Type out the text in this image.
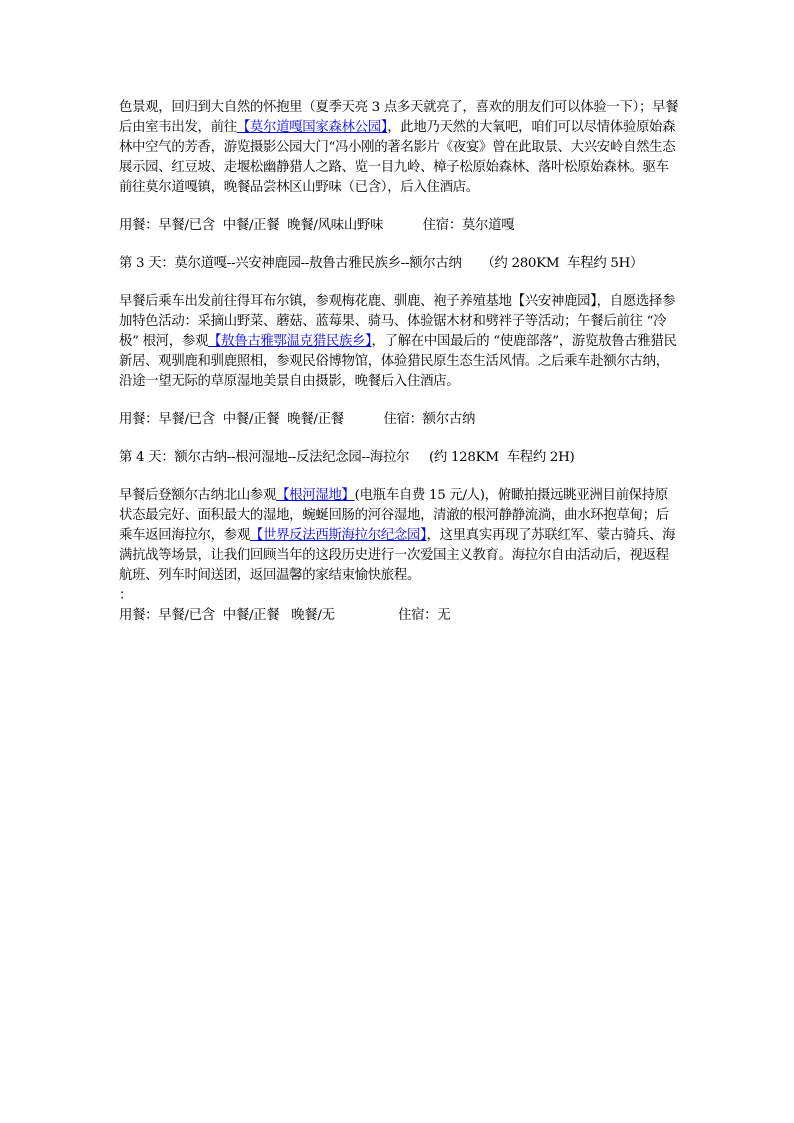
色景观，回归到大自然的怀抱里（夏季天亮 3 点多天就亮了，喜欢的朋友们可以体验一下）；早餐后由室韦出发，前往【莫尔道嘎国家森林公园】，此地乃天然的大氧吧，咱们可以尽情体验原始森林中空气的芳香，游览摄影公园大门“冯小刚的著名影片《夜宴》曾在此取景、大兴安岭自然生态展示园、红豆坡、走堰松幽静猎人之路、览一目九岭、樟子松原始森林、落叶松原始森林。驱车前往莫尔道嘎镇，晚餐品尝林区山野味（已含），后入住酒店。

用餐：早餐/已含  中餐/正餐  晚餐/风味山野味	住宿：莫尔道嘎
第 3 天：莫尔道嘎--兴安神鹿园--敖鲁古雅民族乡--额尔古纳     （约 280KM  车程约 5H）

早餐后乘车出发前往得耳布尔镇，参观梅花鹿、驯鹿、袍子养殖基地【兴安神鹿园】，自愿选择参加特色活动：采摘山野菜、蘑菇、蓝莓果、骑马、体验锯木材和劈袢子等活动；午餐后前往 “冷极” 根河，参观【敖鲁古雅鄂温克猎民族乡】，了解在中国最后的 “使鹿部落”，游览敖鲁古雅猎民新居、观驯鹿和驯鹿照相，参观民俗博物馆，体验猎民原生态生活风情。之后乘车赴额尔古纳，沿途一望无际的草原湿地美景自由摄影，晚餐后入住酒店。

用餐：早餐/已含  中餐/正餐  晚餐/正餐	住宿：额尔古纳
第 4 天：额尔古纳--根河湿地--反法纪念园--海拉尔     (约 128KM  车程约 2H)

早餐后登额尔古纳北山参观【根河湿地】(电瓶车自费 15 元/人)，俯瞰拍摄远眺亚洲目前保持原状态最完好、面积最大的湿地，蜿蜒回肠的河谷湿地，清澈的根河静静流淌，曲水环抱草甸；后乘车返回海拉尔，参观【世界反法西斯海拉尔纪念园】，这里真实再现了苏联红军、蒙古骑兵、海满抗战等场景，让我们回顾当年的这段历史进行一次爱国主义教育。海拉尔自由活动后，视返程航班、列车时间送团，返回温馨的家结束愉快旅程。

：
用餐：早餐/已含  中餐/正餐   晚餐/无	住宿：无
